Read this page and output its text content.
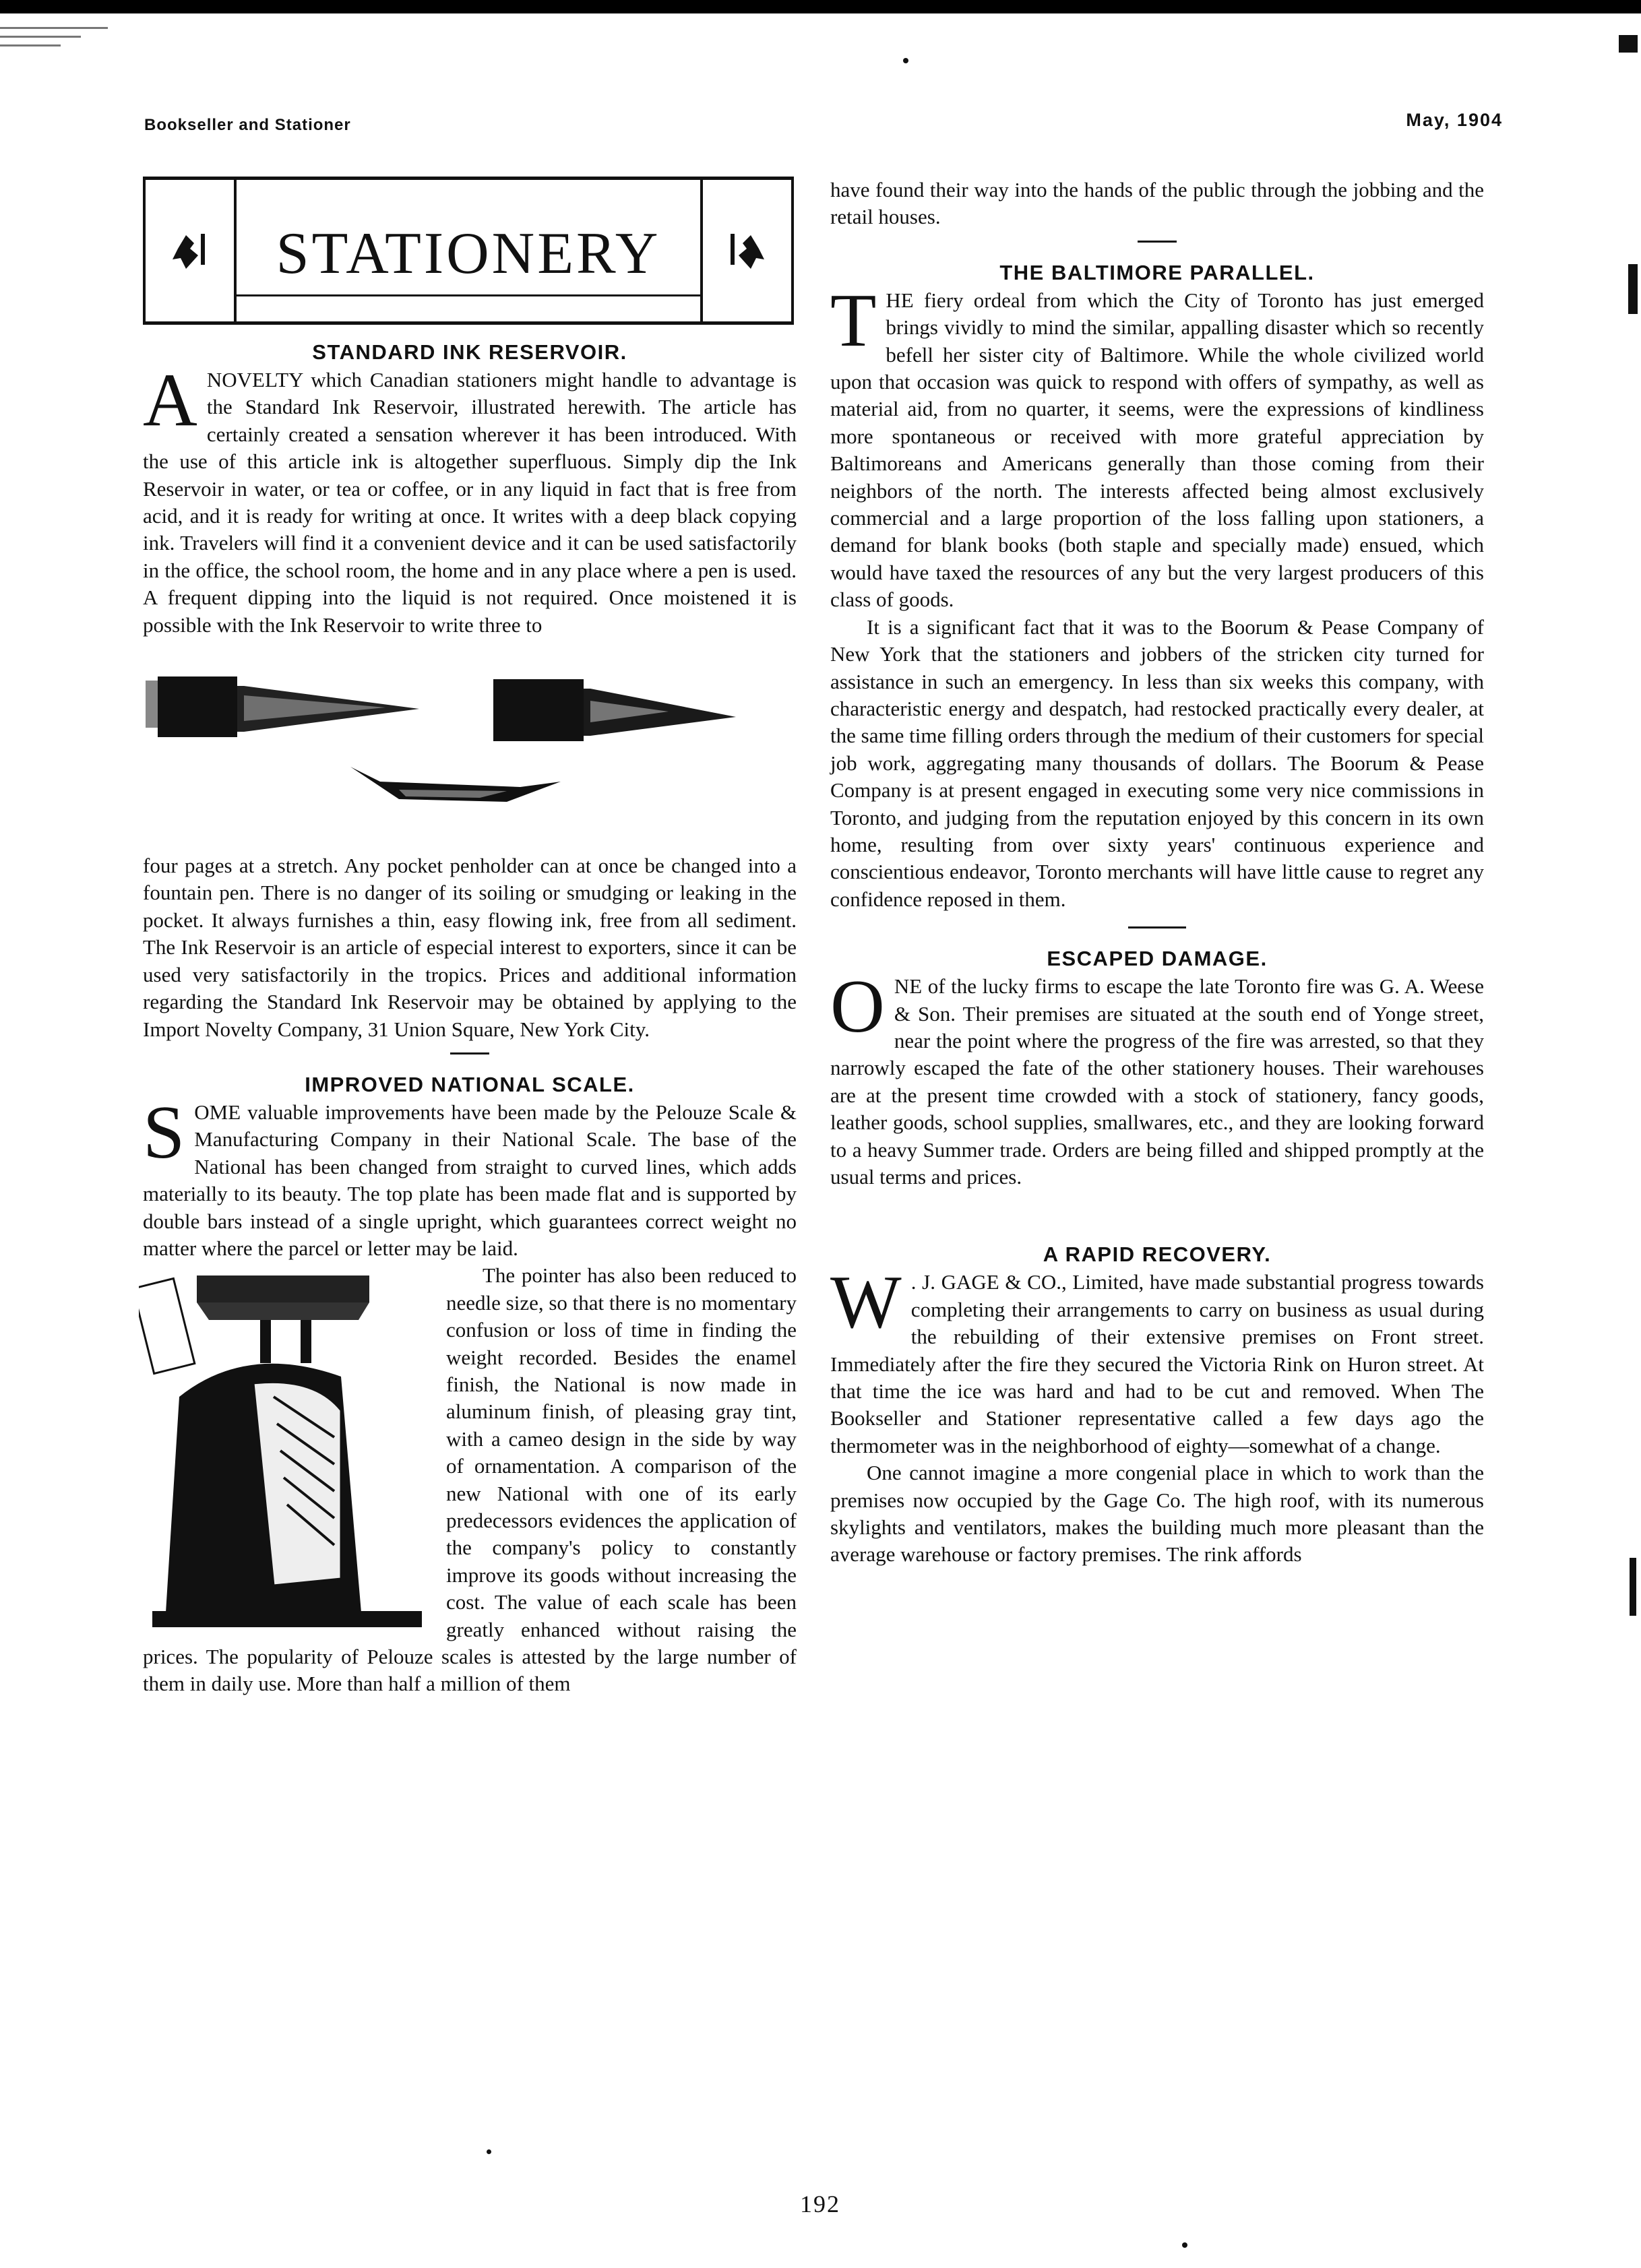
Bookseller and Stationer	May, 1904
STATIONERY
STANDARD INK RESERVOIR.

A NOVELTY which Canadian stationers might handle to advantage is the Standard Ink Reservoir, illustrated herewith. The article has certainly created a sensation wherever it has been introduced. With the use of this article ink is altogether superfluous. Simply dip the Ink Reservoir in water, or tea or coffee, or in any liquid in fact that is free from acid, and it is ready for writing at once. It writes with a deep black copying ink. Travelers will find it a convenient device and it can be used satisfactorily in the office, the school room, the home and in any place where a pen is used. A frequent dipping into the liquid is not required. Once moistened it is possible with the Ink Reservoir to write three to

four pages at a stretch. Any pocket penholder can at once be changed into a fountain pen. There is no danger of its soiling or smudging or leaking in the pocket. It always furnishes a thin, easy flowing ink, free from all sediment. The Ink Reservoir is an article of especial interest to exporters, since it can be used very satisfactorily in the tropics. Prices and additional information regarding the Standard Ink Reservoir may be obtained by applying to the Import Novelty Company, 31 Union Square, New York City.

IMPROVED NATIONAL SCALE.

SOME valuable improvements have been made by the Pelouze Scale & Manufacturing Company in their National Scale. The base of the National has been changed from straight to curved lines, which adds materially to its beauty. The top plate has been made flat and is supported by double bars instead of a single upright, which guarantees correct weight no matter where the parcel or letter may be laid.

The pointer has also been reduced to needle size, so that there is no momentary confusion or loss of time in finding the weight recorded. Besides the enamel finish, the National is now made in aluminum finish, of pleasing gray tint, with a cameo design in the side by way of ornamentation. A comparison of the new National with one of its early predecessors evidences the application of the company's policy to constantly improve its goods without increasing the cost. The value of each scale has been greatly enhanced without raising the prices. The popularity of Pelouze scales is attested by the large number of them in daily use. More than half a million of them

have found their way into the hands of the public through the jobbing and the retail houses.

THE BALTIMORE PARALLEL.

THE fiery ordeal from which the City of Toronto has just emerged brings vividly to mind the similar, appalling disaster which so recently befell her sister city of Baltimore. While the whole civilized world upon that occasion was quick to respond with offers of sympathy, as well as material aid, from no quarter, it seems, were the expressions of kindliness more spontaneous or received with more grateful appreciation by Baltimoreans and Americans generally than those coming from their neighbors of the north. The interests affected being almost exclusively commercial and a large proportion of the loss falling upon stationers, a demand for blank books (both staple and specially made) ensued, which would have taxed the resources of any but the very largest producers of this class of goods.

It is a significant fact that it was to the Boorum & Pease Company of New York that the stationers and jobbers of the stricken city turned for assistance in such an emergency. In less than six weeks this company, with characteristic energy and despatch, had restocked practically every dealer, at the same time filling orders through the medium of their customers for special job work, aggregating many thousands of dollars. The Boorum & Pease Company is at present engaged in executing some very nice commissions in Toronto, and judging from the reputation enjoyed by this concern in its own home, resulting from over sixty years' continuous experience and conscientious endeavor, Toronto merchants will have little cause to regret any confidence reposed in them.

ESCAPED DAMAGE.

ONE of the lucky firms to escape the late Toronto fire was G. A. Weese & Son. Their premises are situated at the south end of Yonge street, near the point where the progress of the fire was arrested, so that they narrowly escaped the fate of the other stationery houses. Their warehouses are at the present time crowded with a stock of stationery, fancy goods, leather goods, school supplies, smallwares, etc., and they are looking forward to a heavy Summer trade. Orders are being filled and shipped promptly at the usual terms and prices.

A RAPID RECOVERY.

W . J. GAGE & CO., Limited, have made substantial progress towards completing their arrangements to carry on business as usual during the rebuilding of their extensive premises on Front street. Immediately after the fire they secured the Victoria Rink on Huron street. At that time the ice was hard and had to be cut and removed. When The Bookseller and Stationer representative called a few days ago the thermometer was in the neighborhood of eighty—somewhat of a change.

One cannot imagine a more congenial place in which to work than the premises now occupied by the Gage Co. The high roof, with its numerous skylights and ventilators, makes the building much more pleasant than the average warehouse or factory premises. The rink affords

192
